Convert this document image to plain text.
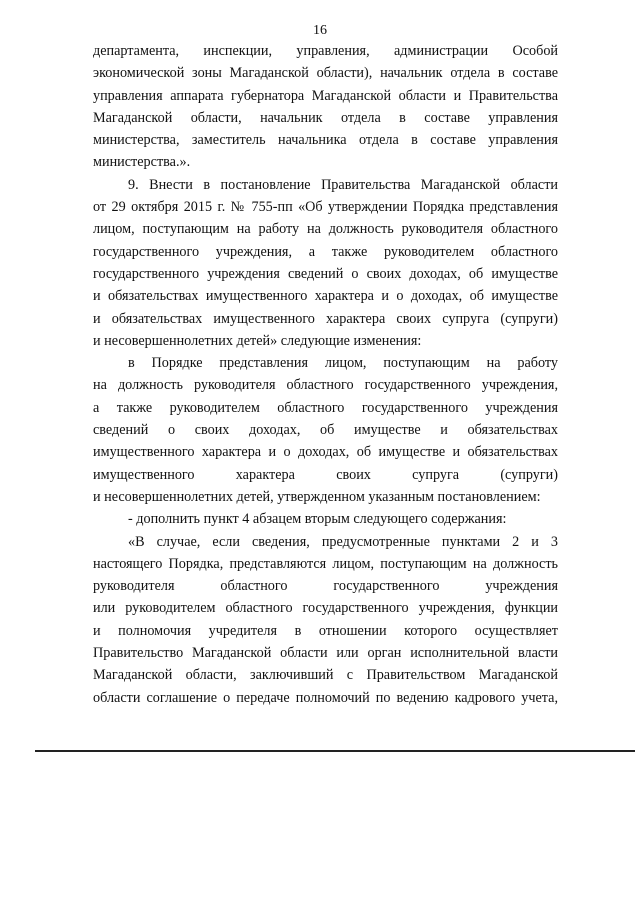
16
департамента, инспекции, управления, администрации Особой
экономической зоны Магаданской области), начальник отдела в составе
управления аппарата губернатора Магаданской области и Правительства
Магаданской области, начальник отдела в составе управления
министерства, заместитель начальника отдела в составе управления
министерства.».
9. Внести в постановление Правительства Магаданской области
от 29 октября 2015 г. № 755-пп «Об утверждении Порядка представления
лицом, поступающим на работу на должность руководителя областного
государственного учреждения, а также руководителем областного
государственного учреждения сведений о своих доходах, об имуществе
и обязательствах имущественного характера и о доходах, об имуществе
и обязательствах имущественного характера своих супруга (супруги)
и несовершеннолетних детей» следующие изменения:
в Порядке представления лицом, поступающим на работу
на должность руководителя областного государственного учреждения,
а также руководителем областного государственного учреждения
сведений о своих доходах, об имуществе и обязательствах
имущественного характера и о доходах, об имуществе и обязательствах
имущественного характера своих супруга (супруги)
и несовершеннолетних детей, утвержденном указанным постановлением:
- дополнить пункт 4 абзацем вторым следующего содержания:
«В случае, если сведения, предусмотренные пунктами 2 и 3
настоящего Порядка, представляются лицом, поступающим на должность
руководителя областного государственного учреждения
или руководителем областного государственного учреждения, функции
и полномочия учредителя в отношении которого осуществляет
Правительство Магаданской области или орган исполнительной власти
Магаданской области, заключивший с Правительством Магаданской
области соглашение о передаче полномочий по ведению кадрового учета,
